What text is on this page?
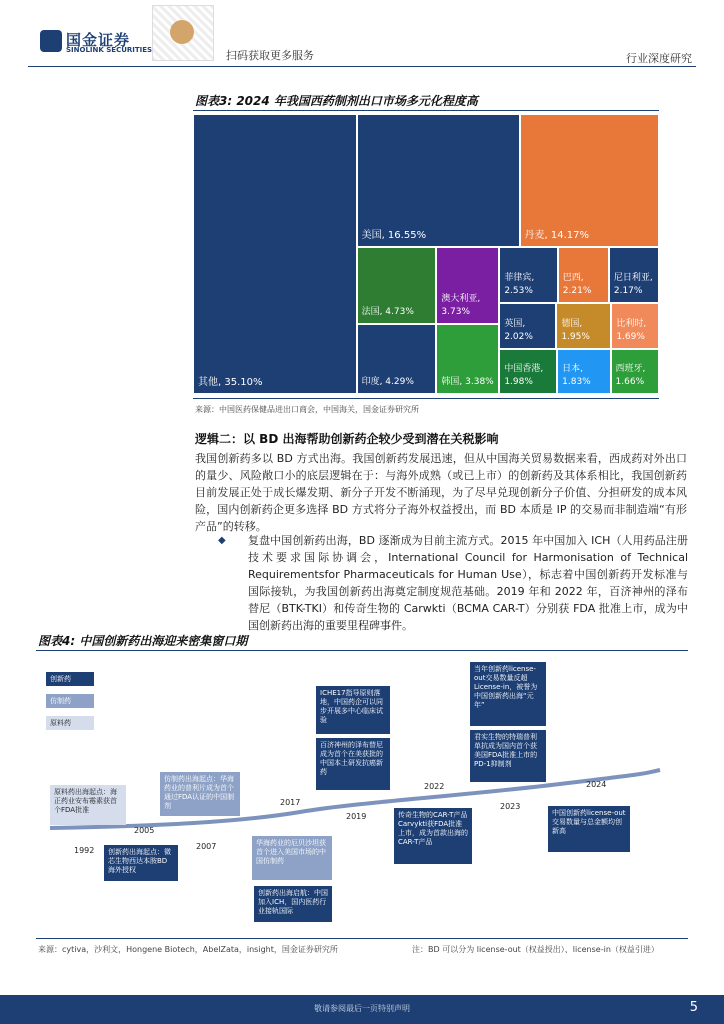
国金证券
SINOLINK SECURITIES	扫码获取更多服务	行业深度研究
图表3: 2024 年我国西药制剂出口市场多元化程度高
其他, 35.10%
美国, 16.55%	丹麦, 14.17%
法国, 4.73%
印度, 4.29%
澳大利亚, 3.73%
韩国, 3.38%
菲律宾, 2.53%
巴西, 2.21%
尼日利亚, 2.17%
英国, 2.02%
德国, 1.95%
比利时, 1.69%
中国香港, 1.98%
日本, 1.83%
西班牙, 1.66%
来源：中国医药保健品进出口商会，中国海关，国金证券研究所
逻辑二：以 BD 出海帮助创新药企较少受到潜在关税影响
我国创新药多以 BD 方式出海。我国创新药发展迅速，但从中国海关贸易数据来看，西成药对外出口的量少、风险敞口小的底层逻辑在于：与海外成熟（或已上市）的创新药及其体系相比，我国创新药目前发展正处于成长爆发期、新分子开发不断涌现，为了尽早兑现创新分子价值、分担研发的成本风险，国内创新药企更多选择 BD 方式将分子海外权益授出，而 BD 本质是 IP 的交易而非制造端“有形产品”的转移。
◆ 复盘中国创新药出海，BD 逐渐成为目前主流方式。2015 年中国加入 ICH（人用药品注册技术要求国际协调会，International Council for Harmonisation of Technical Requirementsfor Pharmaceuticals for Human Use），标志着中国创新药开发标准与国际接轨，为我国创新药出海奠定制度规范基础。2019 年和 2022 年，百济神州的泽布替尼（BTK-TKI）和传奇生物的 Carwkti（BCMA CAR-T）分别获 FDA 批准上市，成为中国创新药出海的重要里程碑事件。
图表4: 中国创新药出海迎来密集窗口期
创新药
仿制药
原料药
1992
2005
2007
2017
2019
2022
2023
2024
原料药出海起点：海正药业安布霉素获首个FDA批准
仿制药出海起点：华海药业的普利片成为首个通过FDA认证的中国制剂
创新药出海起点：微芯生物西达本胺BD海外授权
华海药业的厄贝沙坦获首个进入美国市场的中国仿制药
创新药出海启航：中国加入ICH，国内医药行业接轨国际
ICHE17指导原则落地，中国药企可以同步开展多中心临床试验
百济神州的泽布替尼成为首个在美获批的中国本土研发抗癌新药
传奇生物的CAR-T产品Carvykti获FDA批准上市，成为首款出海的CAR-T产品
当年创新药license-out交易数量反超License-in，被誉为中国创新药出海“元年”
君实生物的特瑞普利单抗成为国内首个获美国FDA批准上市的PD-1抑制剂
中国创新药license-out交易数量与总金额均创新高
来源：cytiva，沙利文，Hongene Biotech，AbelZata，insight，国金证券研究所	注：BD 可以分为 license-out（权益授出）、license-in（权益引进）
敬请参阅最后一页特别声明	5
